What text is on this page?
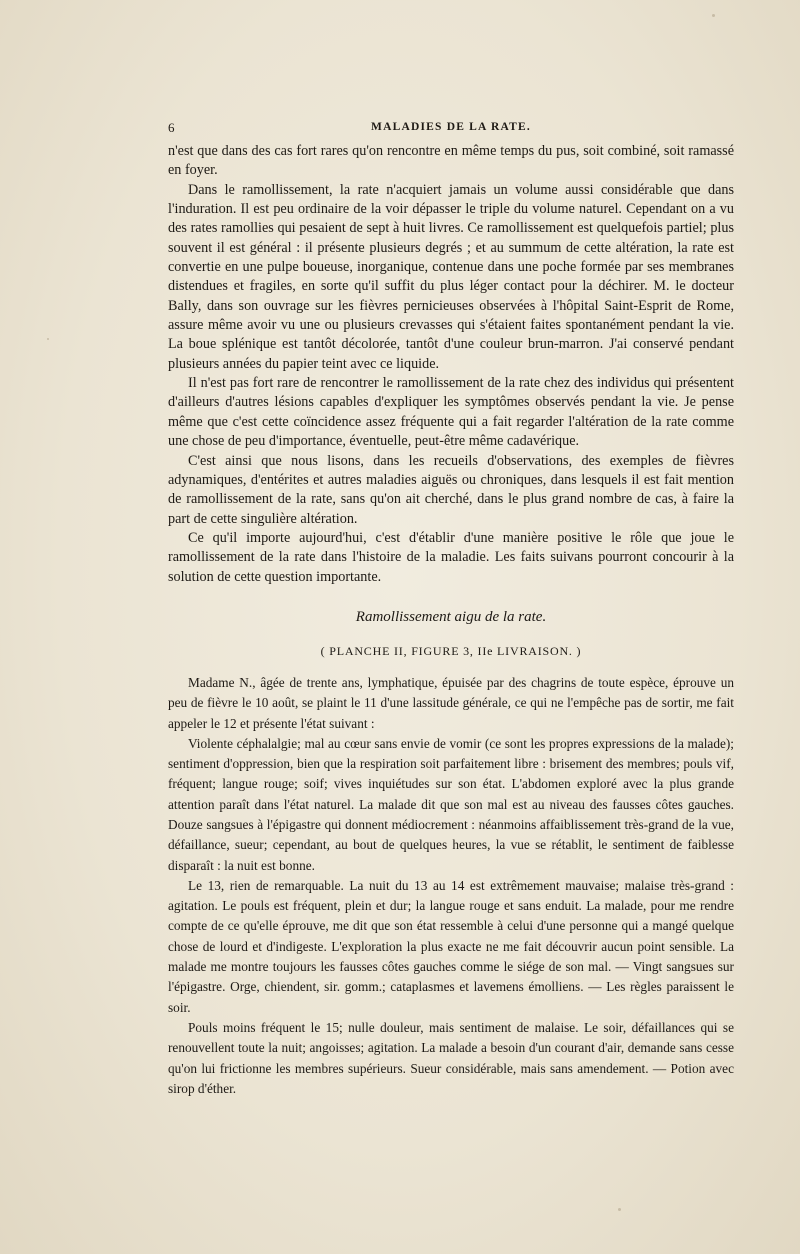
6	MALADIES DE LA RATE.

n'est que dans des cas fort rares qu'on rencontre en même temps du pus, soit combiné, soit ramassé en foyer.

Dans le ramollissement, la rate n'acquiert jamais un volume aussi considérable que dans l'induration. Il est peu ordinaire de la voir dépasser le triple du volume naturel. Cependant on a vu des rates ramollies qui pesaient de sept à huit livres. Ce ramollissement est quelquefois partiel; plus souvent il est général : il présente plusieurs degrés ; et au summum de cette altération, la rate est convertie en une pulpe boueuse, inorganique, contenue dans une poche formée par ses membranes distendues et fragiles, en sorte qu'il suffit du plus léger contact pour la déchirer. M. le docteur Bally, dans son ouvrage sur les fièvres pernicieuses observées à l'hôpital Saint-Esprit de Rome, assure même avoir vu une ou plusieurs crevasses qui s'étaient faites spontanément pendant la vie. La boue splénique est tantôt décolorée, tantôt d'une couleur brun-marron. J'ai conservé pendant plusieurs années du papier teint avec ce liquide.

Il n'est pas fort rare de rencontrer le ramollissement de la rate chez des individus qui présentent d'ailleurs d'autres lésions capables d'expliquer les symptômes observés pendant la vie. Je pense même que c'est cette coïncidence assez fréquente qui a fait regarder l'altération de la rate comme une chose de peu d'importance, éventuelle, peut-être même cadavérique.

C'est ainsi que nous lisons, dans les recueils d'observations, des exemples de fièvres adynamiques, d'entérites et autres maladies aiguës ou chroniques, dans lesquels il est fait mention de ramollissement de la rate, sans qu'on ait cherché, dans le plus grand nombre de cas, à faire la part de cette singulière altération.

Ce qu'il importe aujourd'hui, c'est d'établir d'une manière positive le rôle que joue le ramollissement de la rate dans l'histoire de la maladie. Les faits suivans pourront concourir à la solution de cette question importante.

Ramollissement aigu de la rate.
( PLANCHE II, FIGURE 3, IIe LIVRAISON. )

Madame N., âgée de trente ans, lymphatique, épuisée par des chagrins de toute espèce, éprouve un peu de fièvre le 10 août, se plaint le 11 d'une lassitude générale, ce qui ne l'empêche pas de sortir, me fait appeler le 12 et présente l'état suivant :

Violente céphalalgie; mal au cœur sans envie de vomir (ce sont les propres expressions de la malade); sentiment d'oppression, bien que la respiration soit parfaitement libre : brisement des membres; pouls vif, fréquent; langue rouge; soif; vives inquiétudes sur son état. L'abdomen exploré avec la plus grande attention paraît dans l'état naturel. La malade dit que son mal est au niveau des fausses côtes gauches. Douze sangsues à l'épigastre qui donnent médiocrement : néanmoins affaiblissement très-grand de la vue, défaillance, sueur; cependant, au bout de quelques heures, la vue se rétablit, le sentiment de faiblesse disparaît : la nuit est bonne.

Le 13, rien de remarquable. La nuit du 13 au 14 est extrêmement mauvaise; malaise très-grand : agitation. Le pouls est fréquent, plein et dur; la langue rouge et sans enduit. La malade, pour me rendre compte de ce qu'elle éprouve, me dit que son état ressemble à celui d'une personne qui a mangé quelque chose de lourd et d'indigeste. L'exploration la plus exacte ne me fait découvrir aucun point sensible. La malade me montre toujours les fausses côtes gauches comme le siége de son mal. — Vingt sangsues sur l'épigastre. Orge, chiendent, sir. gomm.; cataplasmes et lavemens émolliens. — Les règles paraissent le soir.

Pouls moins fréquent le 15; nulle douleur, mais sentiment de malaise. Le soir, défaillances qui se renouvellent toute la nuit; angoisses; agitation. La malade a besoin d'un courant d'air, demande sans cesse qu'on lui frictionne les membres supérieurs. Sueur considérable, mais sans amendement. — Potion avec sirop d'éther.
